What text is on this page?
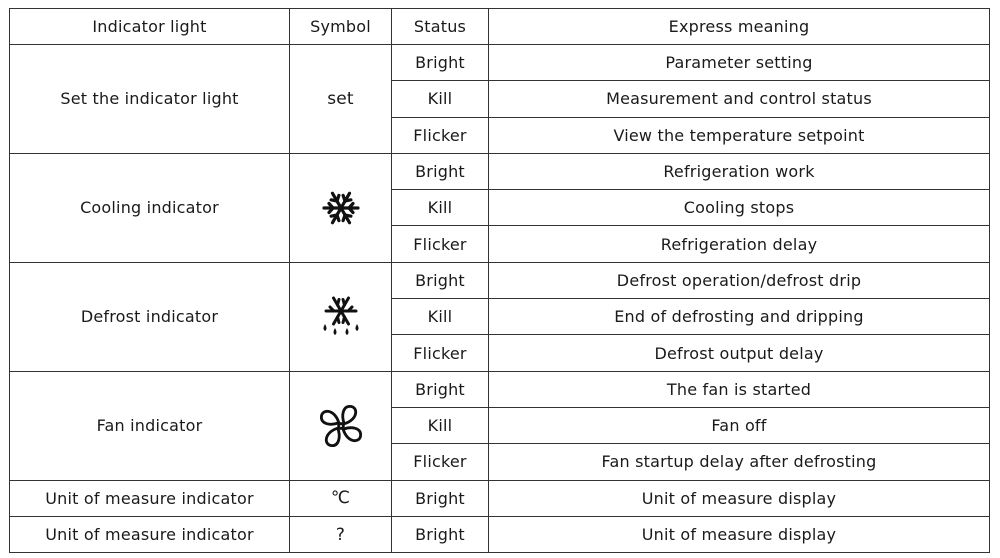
Indicator light	Symbol	Status	Express meaning
Set the indicator light	set	Bright	Parameter setting
		Kill	Measurement and control status
		Flicker	View the temperature setpoint
Cooling indicator		Bright	Refrigeration work
		Kill	Cooling stops
		Flicker	Refrigeration delay
Defrost indicator		Bright	Defrost operation/defrost drip
		Kill	End of defrosting and dripping
		Flicker	Defrost output delay
Fan indicator		Bright	The fan is started
		Kill	Fan off
		Flicker	Fan startup delay after defrosting
Unit of measure indicator	℃	Bright	Unit of measure display
Unit of measure indicator	?	Bright	Unit of measure display
